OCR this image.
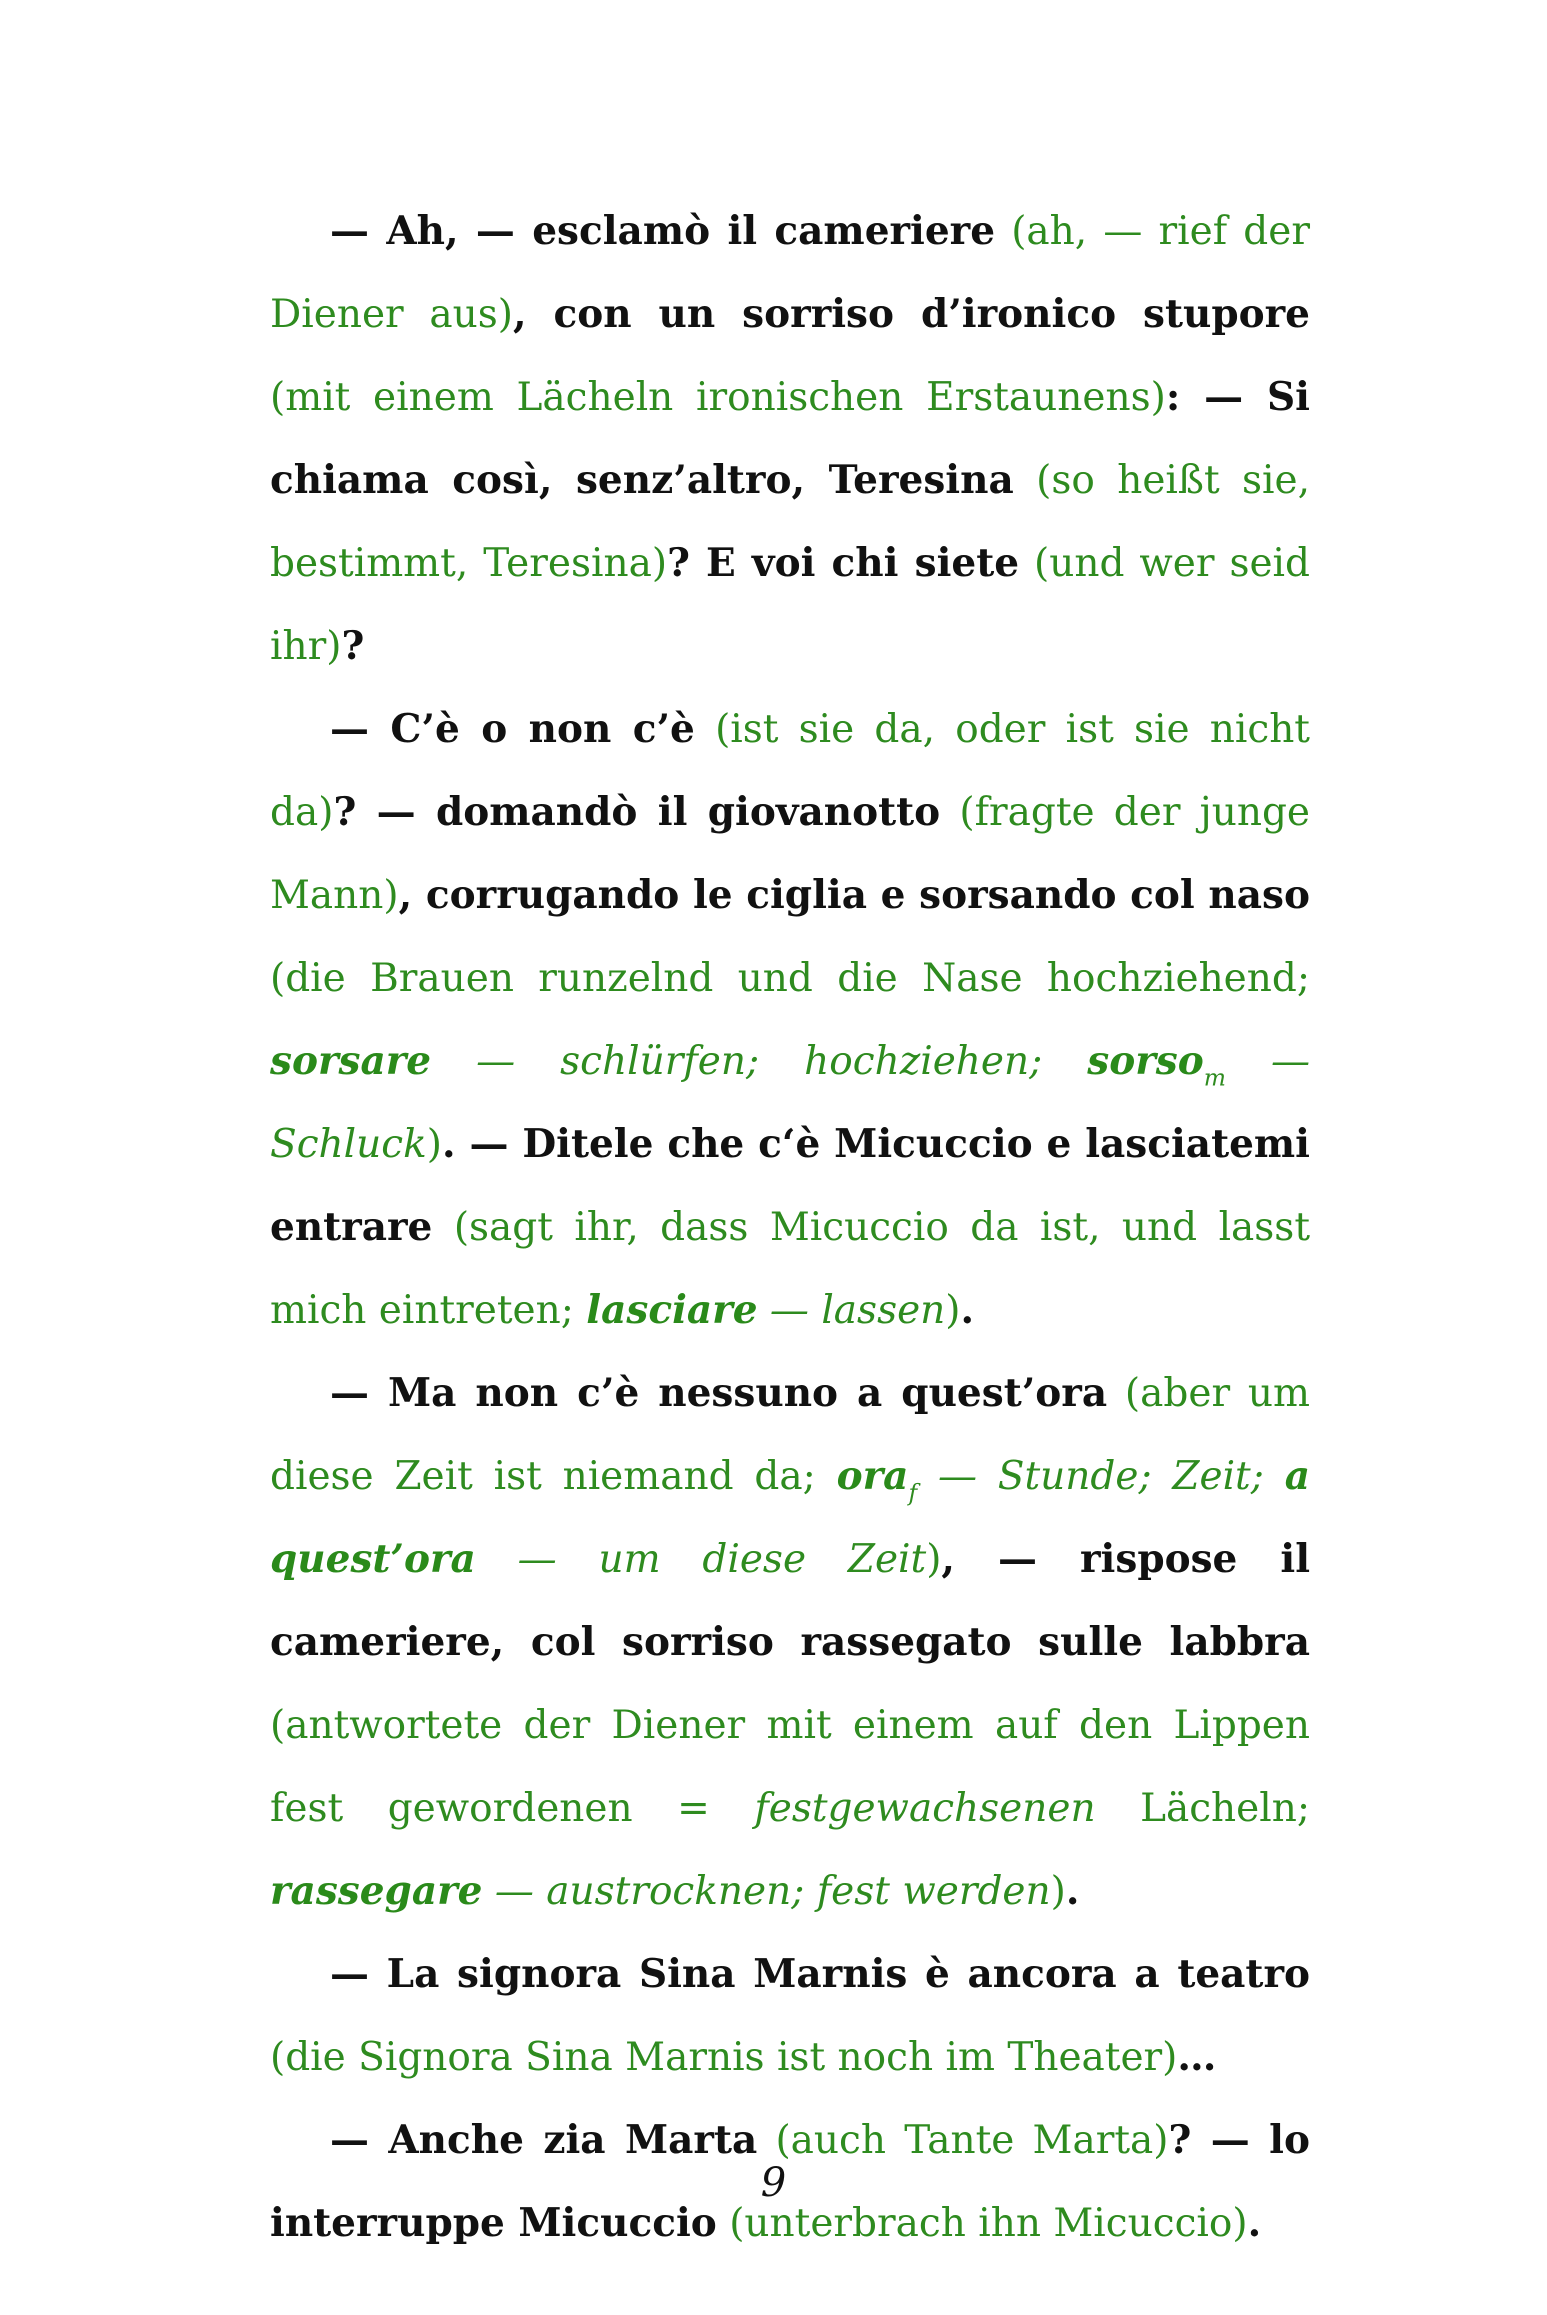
— Ah, — esclamò il cameriere (ah, — rief der Diener aus), con un sorriso d’ironico stupore (mit einem Lächeln ironischen Erstaunens): — Si chiama così, senz’altro, Teresina (so heißt sie, bestimmt, Teresina)? E voi chi siete (und wer seid ihr)?

— C’è o non c’è (ist sie da, oder ist sie nicht da)? — domandò il giovanotto (fragte der junge Mann), corrugando le ciglia e sorsando col naso (die Brauen runzelnd und die Nase hochziehend; sorsare — schlürfen; hochziehen; sorso$_m$ — Schluck). — Ditele che c‘è Micuccio e lasciatemi entrare (sagt ihr, dass Micuccio da ist, und lasst mich eintreten; lasciare — lassen).

— Ma non c’è nessuno a quest’ora (aber um diese Zeit ist niemand da; ora$_f$ — Stunde; Zeit; a quest’ora — um diese Zeit), — rispose il cameriere, col sorriso rassegato sulle labbra (antwortete der Diener mit einem auf den Lippen fest gewordenen = festgewachsenen Lächeln; rassegare — austrocknen; fest werden).

— La signora Sina Marnis è ancora a teatro (die Signora Sina Marnis ist noch im Theater)…

— Anche zia Marta (auch Tante Marta)? — lo interruppe Micuccio (unterbrach ihn Micuccio).

9
